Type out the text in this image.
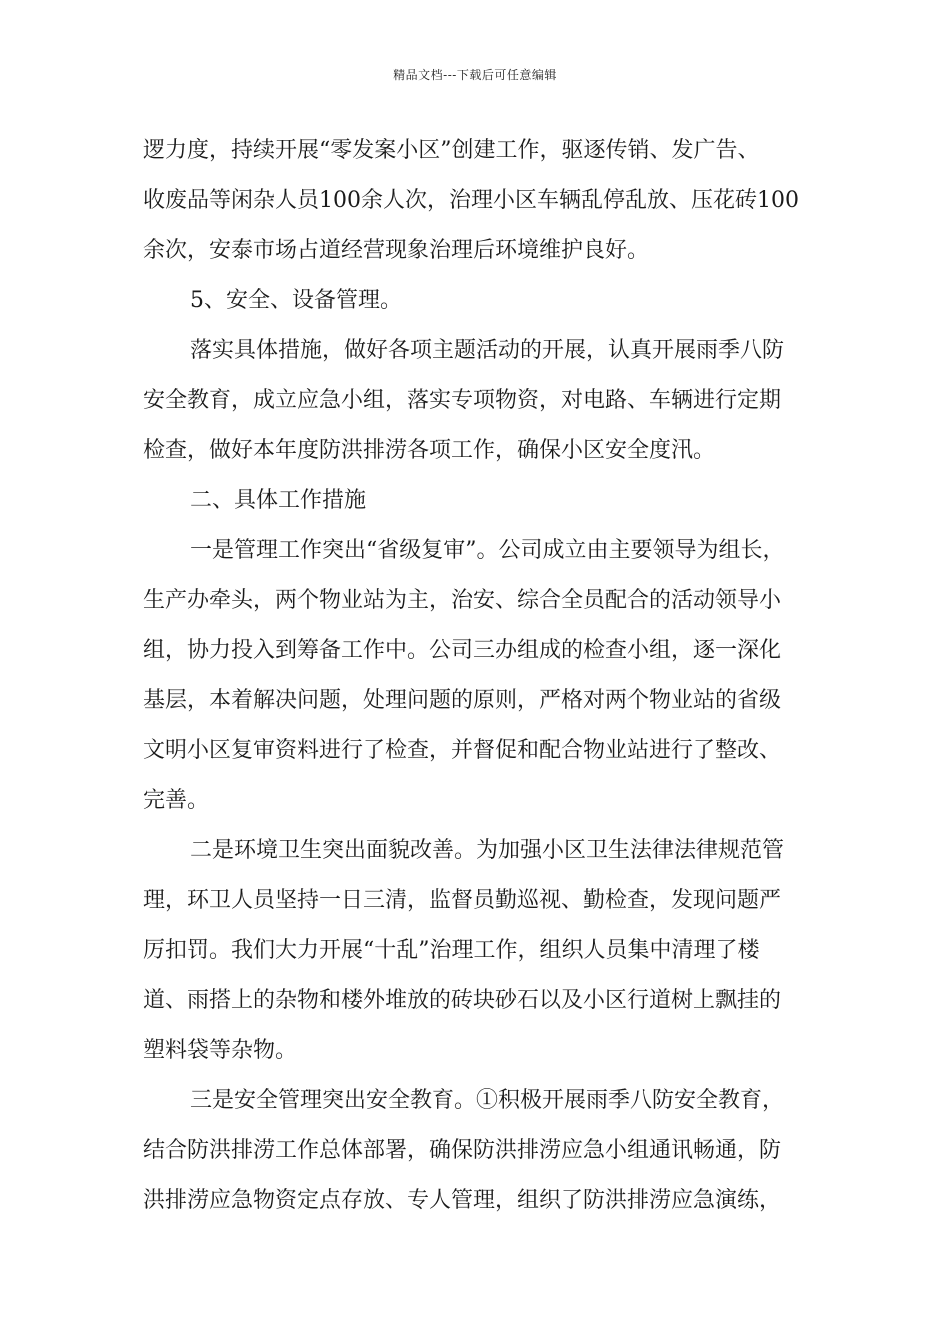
精品文档---下载后可任意编辑
逻力度，持续开展“零发案小区”创建工作，驱逐传销、发广告、
收废品等闲杂人员100余人次，治理小区车辆乱停乱放、压花砖100
余次，安泰市场占道经营现象治理后环境维护良好。
5、安全、设备管理。
落实具体措施，做好各项主题活动的开展，认真开展雨季八防
安全教育，成立应急小组，落实专项物资，对电路、车辆进行定期
检查，做好本年度防洪排涝各项工作，确保小区安全度汛。
二、具体工作措施
一是管理工作突出“省级复审”。公司成立由主要领导为组长，
生产办牵头，两个物业站为主，治安、综合全员配合的活动领导小
组，协力投入到筹备工作中。公司三办组成的检查小组，逐一深化
基层，本着解决问题，处理问题的原则，严格对两个物业站的省级
文明小区复审资料进行了检查，并督促和配合物业站进行了整改、
完善。
二是环境卫生突出面貌改善。为加强小区卫生法律法律规范管
理，环卫人员坚持一日三清，监督员勤巡视、勤检查，发现问题严
厉扣罚。我们大力开展“十乱”治理工作，组织人员集中清理了楼
道、雨搭上的杂物和楼外堆放的砖块砂石以及小区行道树上飘挂的
塑料袋等杂物。
三是安全管理突出安全教育。①积极开展雨季八防安全教育，
结合防洪排涝工作总体部署，确保防洪排涝应急小组通讯畅通，防
洪排涝应急物资定点存放、专人管理，组织了防洪排涝应急演练，
